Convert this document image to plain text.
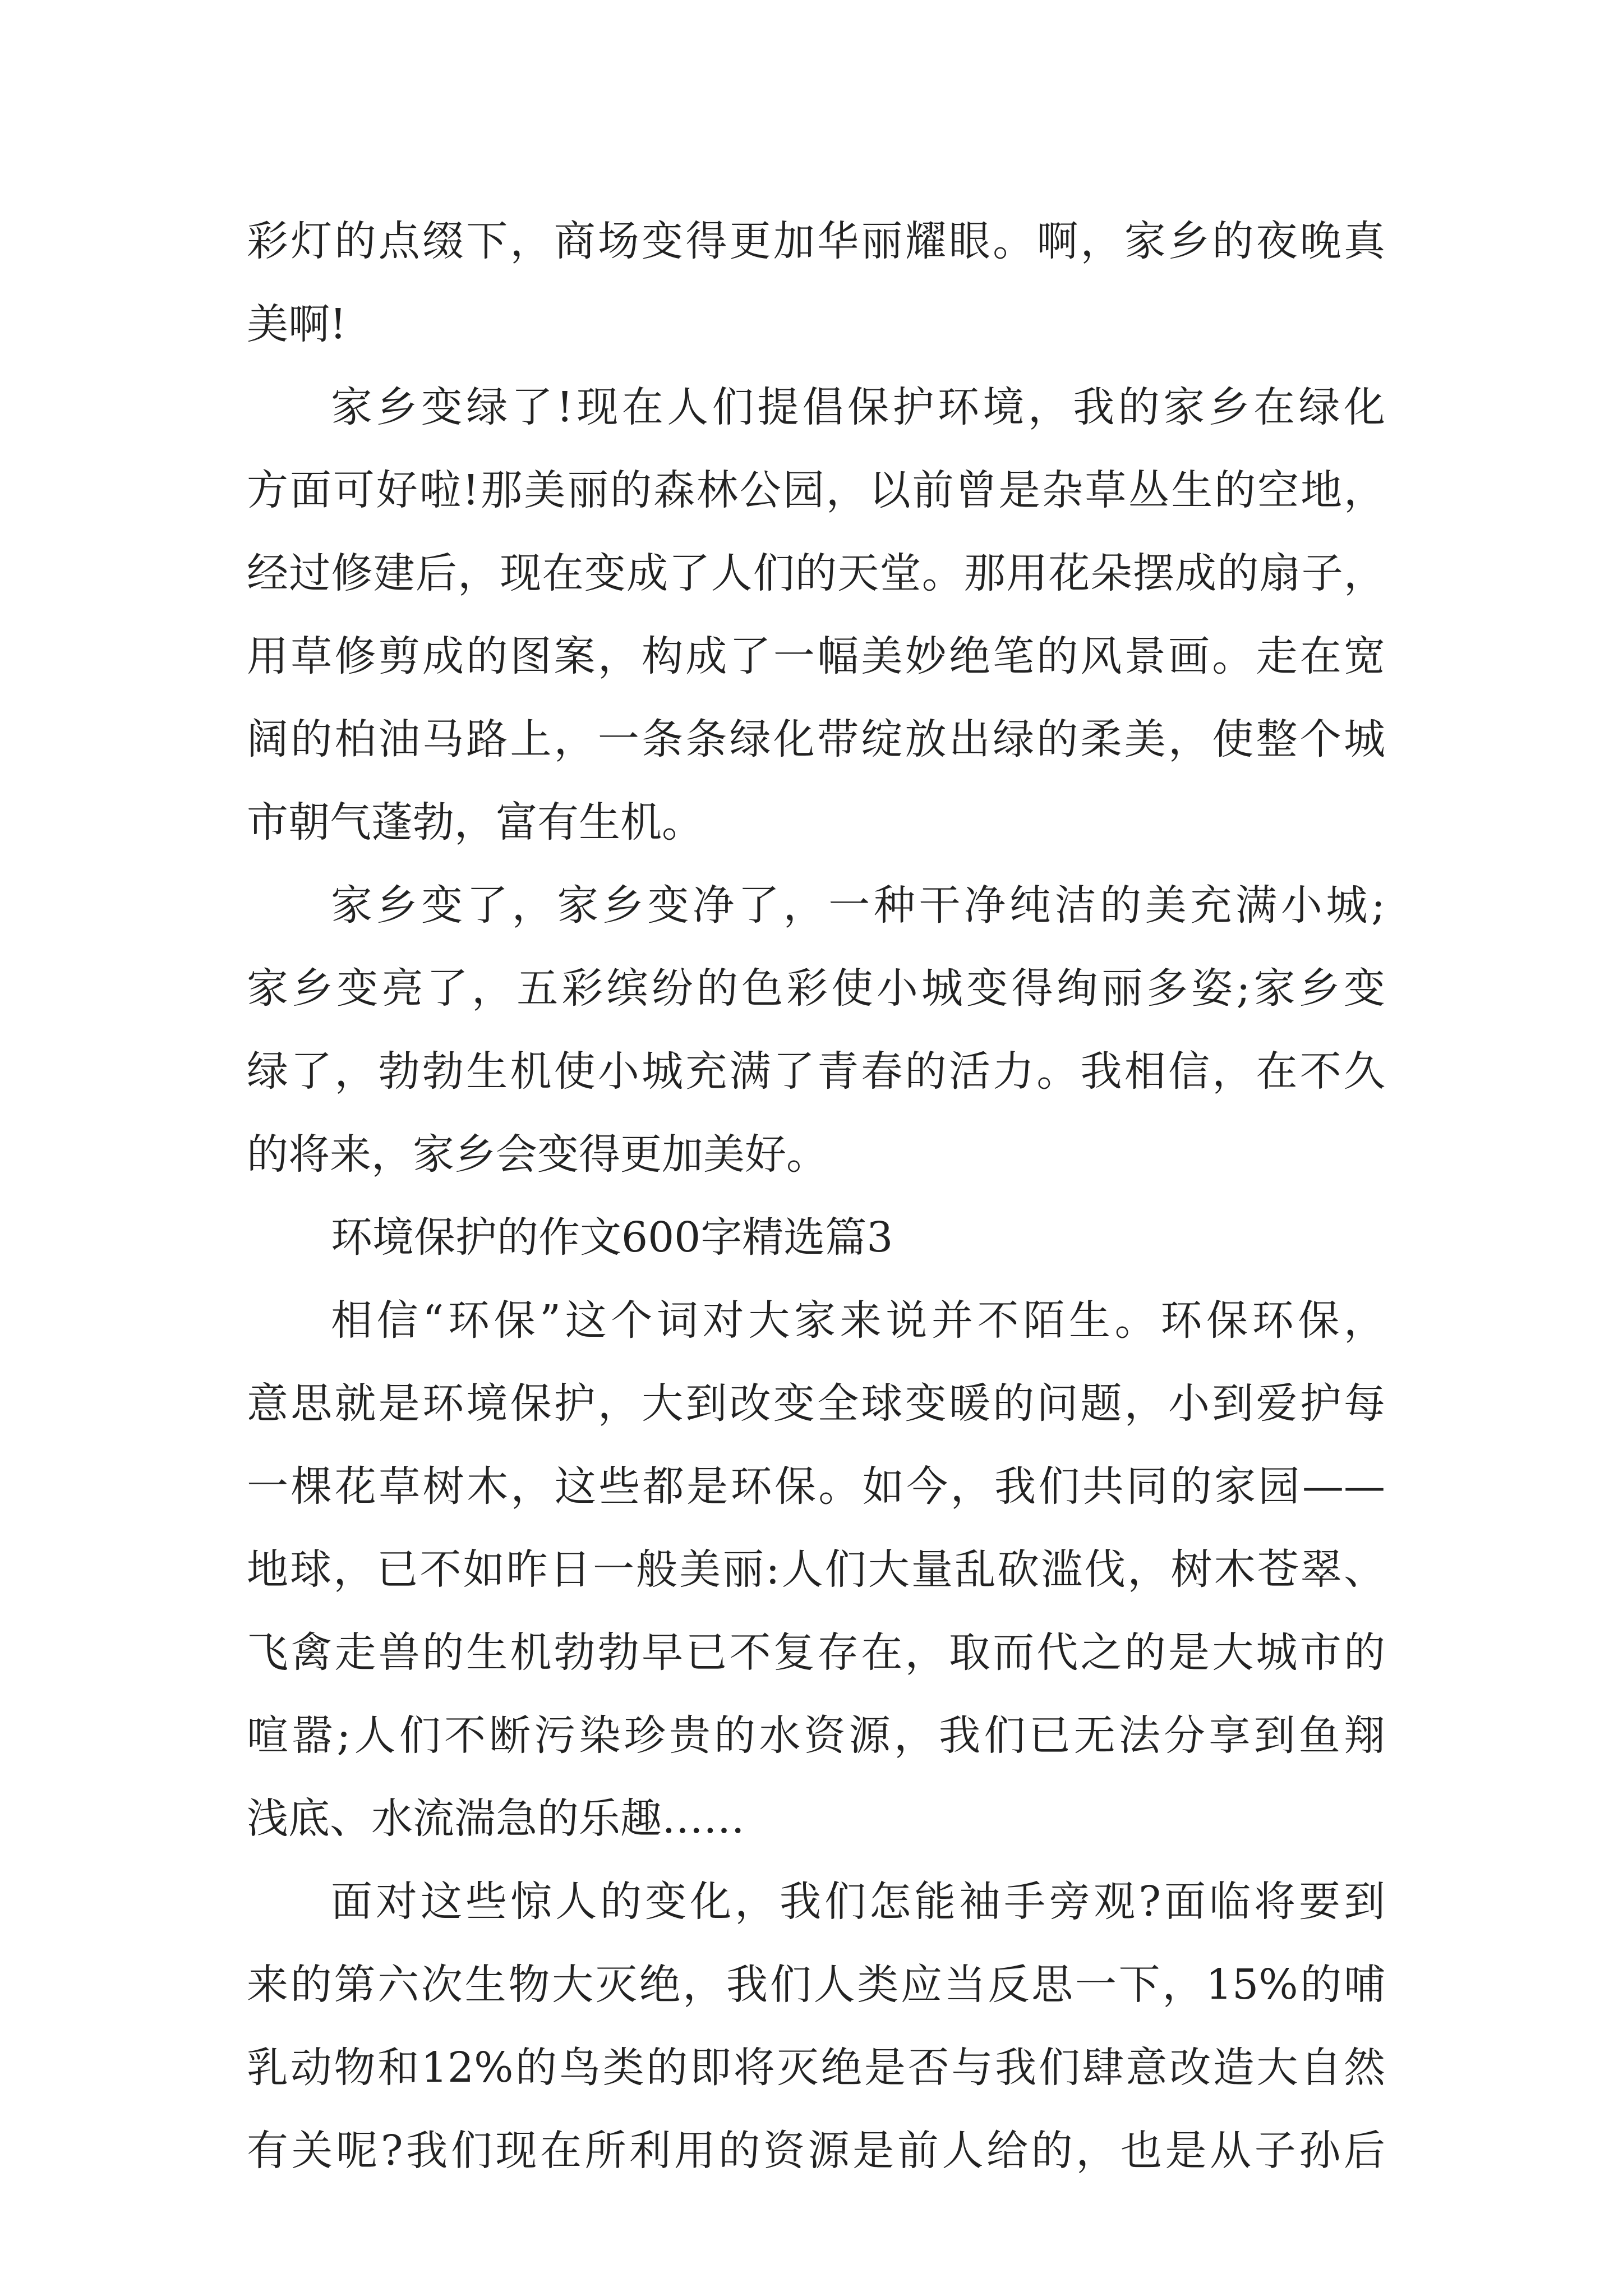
彩灯的点缀下，商场变得更加华丽耀眼。啊，家乡的夜晚真
美啊!
家乡变绿了!现在人们提倡保护环境，我的家乡在绿化
方面可好啦!那美丽的森林公园，以前曾是杂草丛生的空地，
经过修建后，现在变成了人们的天堂。那用花朵摆成的扇子，
用草修剪成的图案，构成了一幅美妙绝笔的风景画。走在宽
阔的柏油马路上，一条条绿化带绽放出绿的柔美，使整个城
市朝气蓬勃，富有生机。
家乡变了，家乡变净了，一种干净纯洁的美充满小城;
家乡变亮了，五彩缤纷的色彩使小城变得绚丽多姿;家乡变
绿了，勃勃生机使小城充满了青春的活力。我相信，在不久
的将来，家乡会变得更加美好。
环境保护的作文600字精选篇3
相信“环保”这个词对大家来说并不陌生。环保环保，
意思就是环境保护，大到改变全球变暖的问题，小到爱护每
一棵花草树木，这些都是环保。如今，我们共同的家园——
地球，已不如昨日一般美丽:人们大量乱砍滥伐，树木苍翠、
飞禽走兽的生机勃勃早已不复存在，取而代之的是大城市的
喧嚣;人们不断污染珍贵的水资源，我们已无法分享到鱼翔
浅底、水流湍急的乐趣……
面对这些惊人的变化，我们怎能袖手旁观?面临将要到
来的第六次生物大灭绝，我们人类应当反思一下，15%的哺
乳动物和12%的鸟类的即将灭绝是否与我们肆意改造大自然
有关呢?我们现在所利用的资源是前人给的，也是从子孙后
